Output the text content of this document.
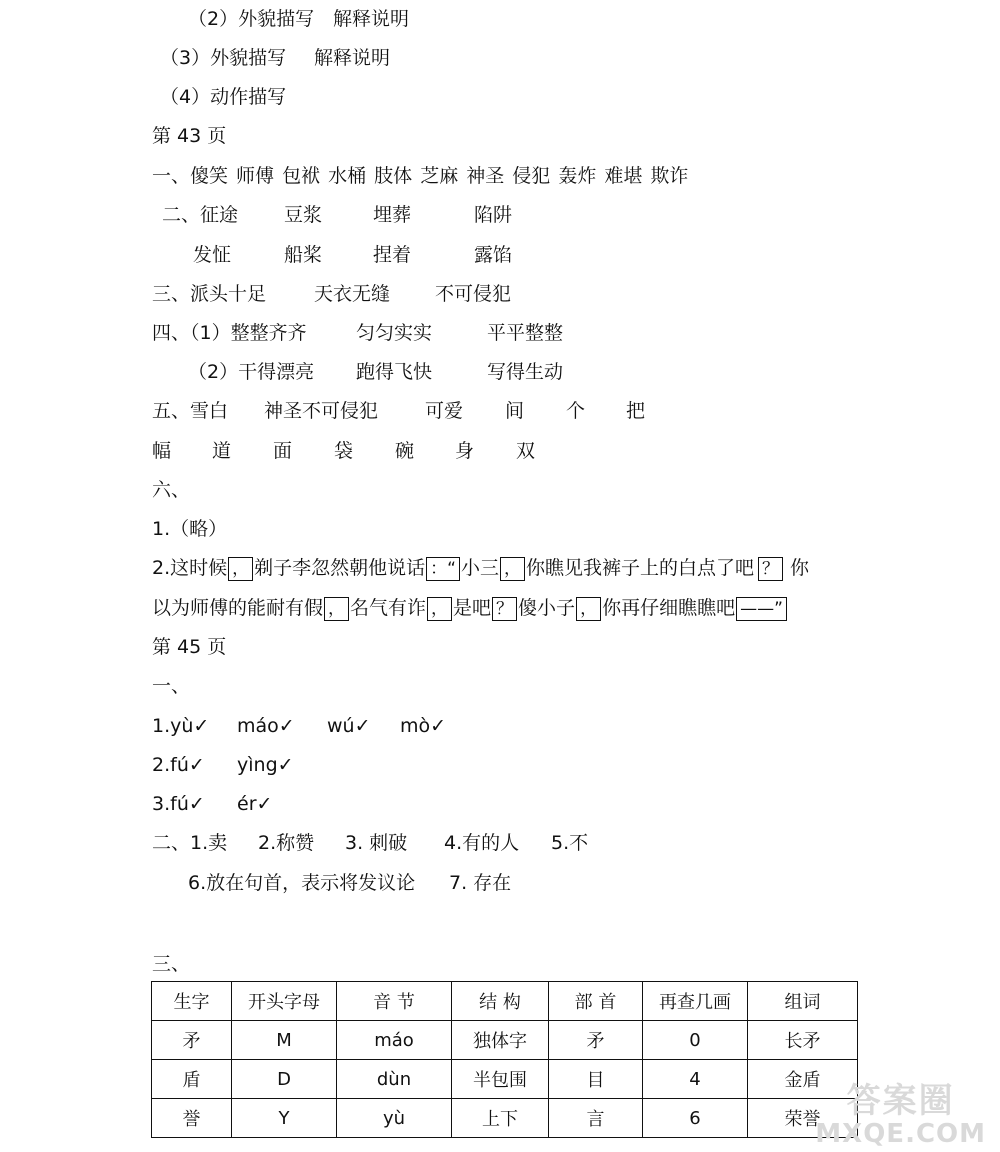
（2）外貌描写 解释说明
（3）外貌描写 解释说明
（4）动作描写
第 43 页
一、傻笑 师傅 包袱 水桶 肢体 芝麻 神圣 侵犯 轰炸 难堪 欺诈
二、征途 豆浆	埋葬	陷阱
发怔	船桨	捏着	露馅
三、派头十足	天衣无缝 不可侵犯
四、（1）整整齐齐	匀匀实实	平平整整
（2）干得漂亮 跑得飞快	写得生动
五、雪白 神圣不可侵犯 可爱 间 个 把
幅 道 面 袋 碗 身 双
六、
1.（略）
2.这时候 ， 剃子李忽然朝他说话 ：“ 小三 ， 你瞧见我裤子上的白点了吧 ？ 你
以为师傅的能耐有假 ， 名气有诈 ， 是吧 ？ 傻小子 ， 你再仔细瞧瞧吧 ——”
第 45 页
一、
1.yù✓ máo✓ wú✓ mò✓
2.fú✓ yìng✓
3.fú✓ ér✓
二、1.卖 2.称赞 3. 刺破 4.有的人 5.不
6.放在句首，表示将发议论 7. 存在
三、
生字	开头字母	音 节	结 构	部 首	再查几画	组词
矛	M	máo	独体字	矛	0	长矛
盾	D	dùn	半包围	目	4	金盾
誉	Y	yù	上下	言	6	荣誉 答案圈
MXQE.COM
